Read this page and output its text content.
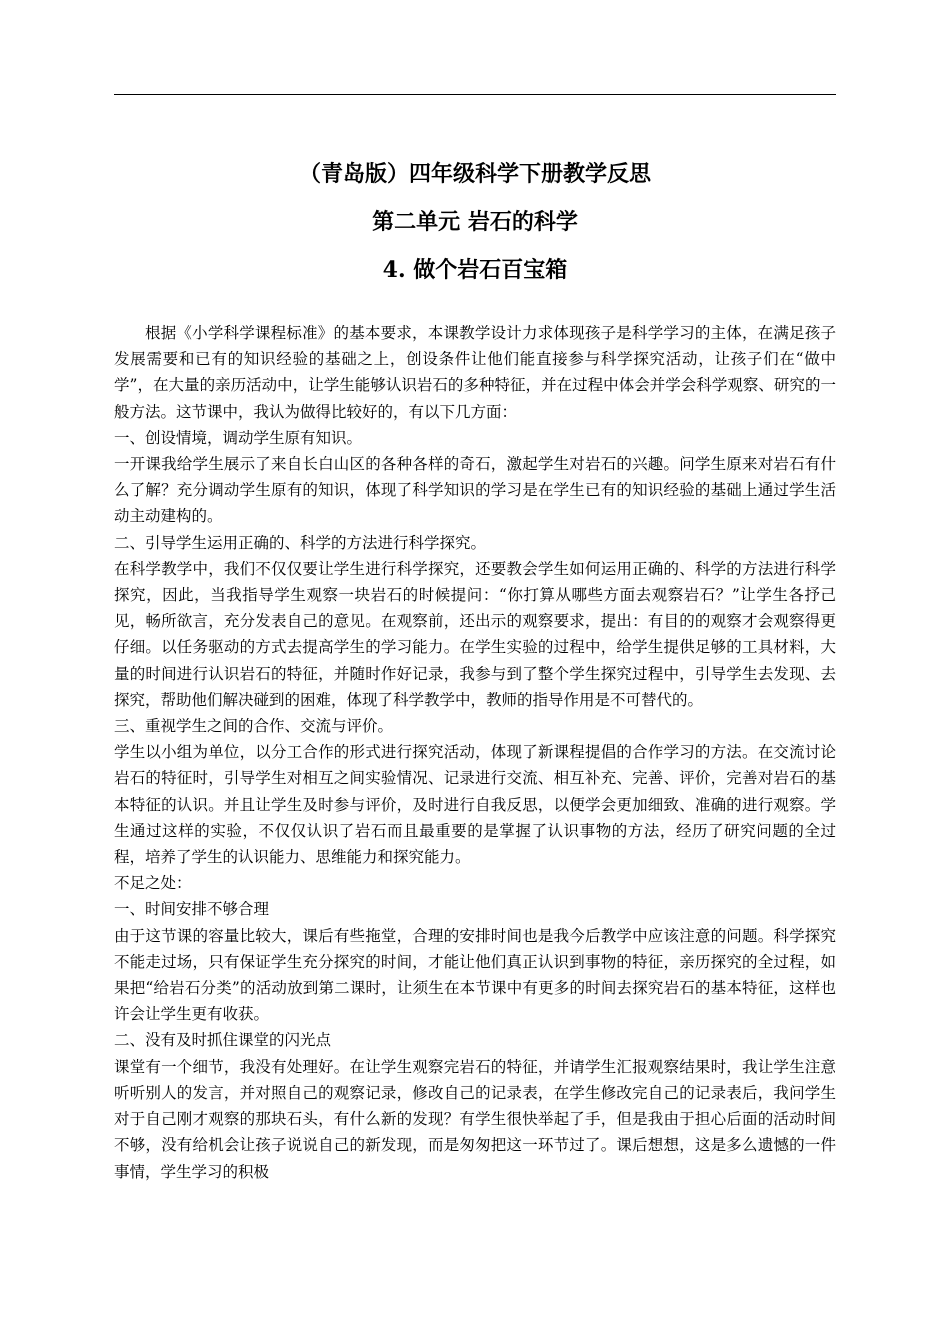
（青岛版）四年级科学下册教学反思
第二单元 岩石的科学
4. 做个岩石百宝箱

根据《小学科学课程标准》的基本要求，本课教学设计力求体现孩子是科学学习的主体，在满足孩子发展需要和已有的知识经验的基础之上，创设条件让他们能直接参与科学探究活动，让孩子们在“做中学”，在大量的亲历活动中，让学生能够认识岩石的多种特征，并在过程中体会并学会科学观察、研究的一般方法。这节课中，我认为做得比较好的，有以下几方面：

一、创设情境，调动学生原有知识。

一开课我给学生展示了来自长白山区的各种各样的奇石，激起学生对岩石的兴趣。问学生原来对岩石有什么了解？充分调动学生原有的知识，体现了科学知识的学习是在学生已有的知识经验的基础上通过学生活动主动建构的。

二、引导学生运用正确的、科学的方法进行科学探究。

在科学教学中，我们不仅仅要让学生进行科学探究，还要教会学生如何运用正确的、科学的方法进行科学探究，因此，当我指导学生观察一块岩石的时候提问：“你打算从哪些方面去观察岩石？”让学生各抒己见，畅所欲言，充分发表自己的意见。在观察前，还出示的观察要求，提出：有目的的观察才会观察得更仔细。以任务驱动的方式去提高学生的学习能力。在学生实验的过程中，给学生提供足够的工具材料，大量的时间进行认识岩石的特征，并随时作好记录，我参与到了整个学生探究过程中，引导学生去发现、去探究，帮助他们解决碰到的困难，体现了科学教学中，教师的指导作用是不可替代的。

三、重视学生之间的合作、交流与评价。

学生以小组为单位，以分工合作的形式进行探究活动，体现了新课程提倡的合作学习的方法。在交流讨论岩石的特征时，引导学生对相互之间实验情况、记录进行交流、相互补充、完善、评价，完善对岩石的基本特征的认识。并且让学生及时参与评价，及时进行自我反思，以便学会更加细致、准确的进行观察。学生通过这样的实验，不仅仅认识了岩石而且最重要的是掌握了认识事物的方法，经历了研究问题的全过程，培养了学生的认识能力、思维能力和探究能力。

不足之处：

一、时间安排不够合理

由于这节课的容量比较大，课后有些拖堂，合理的安排时间也是我今后教学中应该注意的问题。科学探究不能走过场，只有保证学生充分探究的时间，才能让他们真正认识到事物的特征，亲历探究的全过程，如果把“给岩石分类”的活动放到第二课时，让须生在本节课中有更多的时间去探究岩石的基本特征，这样也许会让学生更有收获。

二、没有及时抓住课堂的闪光点

课堂有一个细节，我没有处理好。在让学生观察完岩石的特征，并请学生汇报观察结果时，我让学生注意听听别人的发言，并对照自己的观察记录，修改自己的记录表，在学生修改完自己的记录表后，我问学生对于自己刚才观察的那块石头，有什么新的发现？有学生很快举起了手，但是我由于担心后面的活动时间不够，没有给机会让孩子说说自己的新发现，而是匆匆把这一环节过了。课后想想，这是多么遗憾的一件事情，学生学习的积极
